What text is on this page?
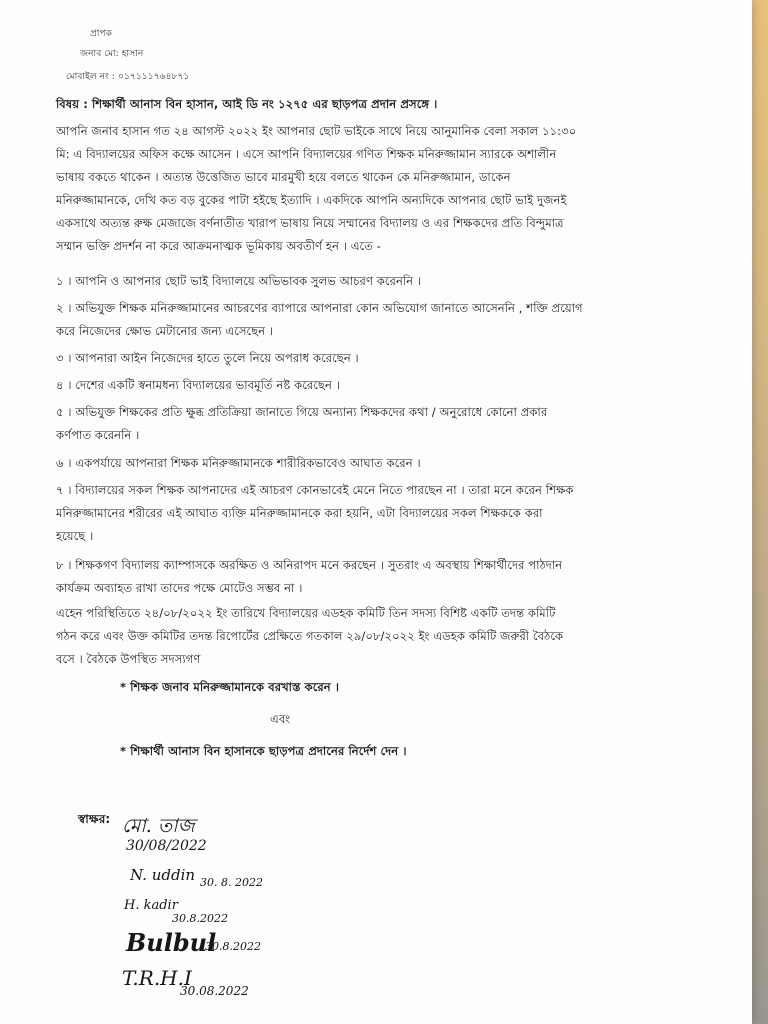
প্রাপক
জনাব মো: হাসান
মোবাইল নং : ০১৭১১১৭৬৪৮৭১
বিষয় : শিক্ষার্থী আনাস বিন হাসান, আই ডি নং ১২৭৫ এর ছাড়পত্র প্রদান প্রসঙ্গে ।
আপনি জনাব হাসান গত ২৪ আগস্ট ২০২২ ইং আপনার ছোট ভাইকে সাথে নিয়ে আনুমানিক বেলা সকাল ১১:৩০
মি: এ বিদ্যালয়ের অফিস কক্ষে আসেন । এসে আপনি বিদ্যালয়ের গণিত শিক্ষক মনিরুজ্জামান স্যারকে অশালীন
ভাষায় বকতে থাকেন । অত্যন্ত উত্তেজিত ভাবে মারমুখী হয়ে বলতে থাকেন কে মনিরুজ্জামান, ডাকেন
মনিরুজ্জামানকে, দেখি কত বড় বুকের পাটা হইছে ইত্যাদি । একদিকে আপনি অন্যদিকে আপনার ছোট ভাই দুজনই
একসাথে অত্যন্ত রুক্ষ মেজাজে বর্ণনাতীত খারাপ ভাষায় নিয়ে সম্মানের বিদ্যালয় ও এর শিক্ষকদের প্রতি বিন্দুমাত্র
সম্মান ভক্তি প্রদর্শন না করে আক্রমনাত্মক ভূমিকায় অবতীর্ণ হন । এতে -
১ । আপনি ও আপনার ছোট ভাই বিদ্যালয়ে অভিভাবক সুলভ আচরণ করেননি ।
২ । অভিযুক্ত শিক্ষক মনিরুজ্জামানের আচরণের ব্যাপারে আপনারা কোন অভিযোগ জানাতে আসেননি , শক্তি প্রয়োগ
করে নিজেদের ক্ষোভ মেটানোর জন্য এসেছেন ।
৩ । আপনারা আইন নিজেদের হাতে তুলে নিয়ে অপরাধ করেছেন ।
৪ । দেশের একটি স্বনামধন্য বিদ্যালয়ের ভাবমূর্তি নষ্ট করেছেন ।
৫ । অভিযুক্ত শিক্ষকের প্রতি ক্ষুব্ধ প্রতিক্রিয়া জানাতে গিয়ে অন্যান্য শিক্ষকদের কথা / অনুরোধে কোনো প্রকার
কর্ণপাত করেননি ।
৬ । একপর্যায়ে আপনারা শিক্ষক মনিরুজ্জামানকে শারীরিকভাবেও আঘাত করেন ।
৭ । বিদ্যালয়ের সকল শিক্ষক আপনাদের এই আচরণ কোনভাবেই মেনে নিতে পারছেন না । তারা মনে করেন শিক্ষক
মনিরুজ্জামানের শরীরের এই আঘাত ব্যক্তি মনিরুজ্জামানকে করা হয়নি, এটা বিদ্যালয়ের সকল শিক্ষককে করা
হয়েছে ।
৮ । শিক্ষকগণ বিদ্যালয় ক্যাম্পাসকে অরক্ষিত ও অনিরাপদ মনে করছেন । সুতরাং এ অবস্থায় শিক্ষার্থীদের পাঠদান
কার্যক্রম অব্যাহত রাখা তাদের পক্ষে মোটেও সম্ভব না ।
এহেন পরিস্থিতিতে ২৪/০৮/২০২২ ইং তারিখে বিদ্যালয়ের এডহক কমিটি তিন সদস্য বিশিষ্ট একটি তদন্ত কমিটি
গঠন করে এবং উক্ত কমিটির তদন্ত রিপোর্টের প্রেক্ষিতে গতকাল ২৯/০৮/২০২২ ইং এডহক কমিটি জরুরী বৈঠকে
বসে । বৈঠকে উপস্থিত সদস্যগণ
* শিক্ষক জনাব মনিরুজ্জামানকে বরখাস্ত করেন ।
এবং
* শিক্ষার্থী আনাস বিন হাসানকে ছাড়পত্র প্রদানের নির্দেশ দেন ।
স্বাক্ষর: মো. তাজ
30/08/2022
N. uddin 30. 8. 2022
H. kadir
30.8.2022
Bulbul
30.8.2022
T.R.H.I
30.08.2022
